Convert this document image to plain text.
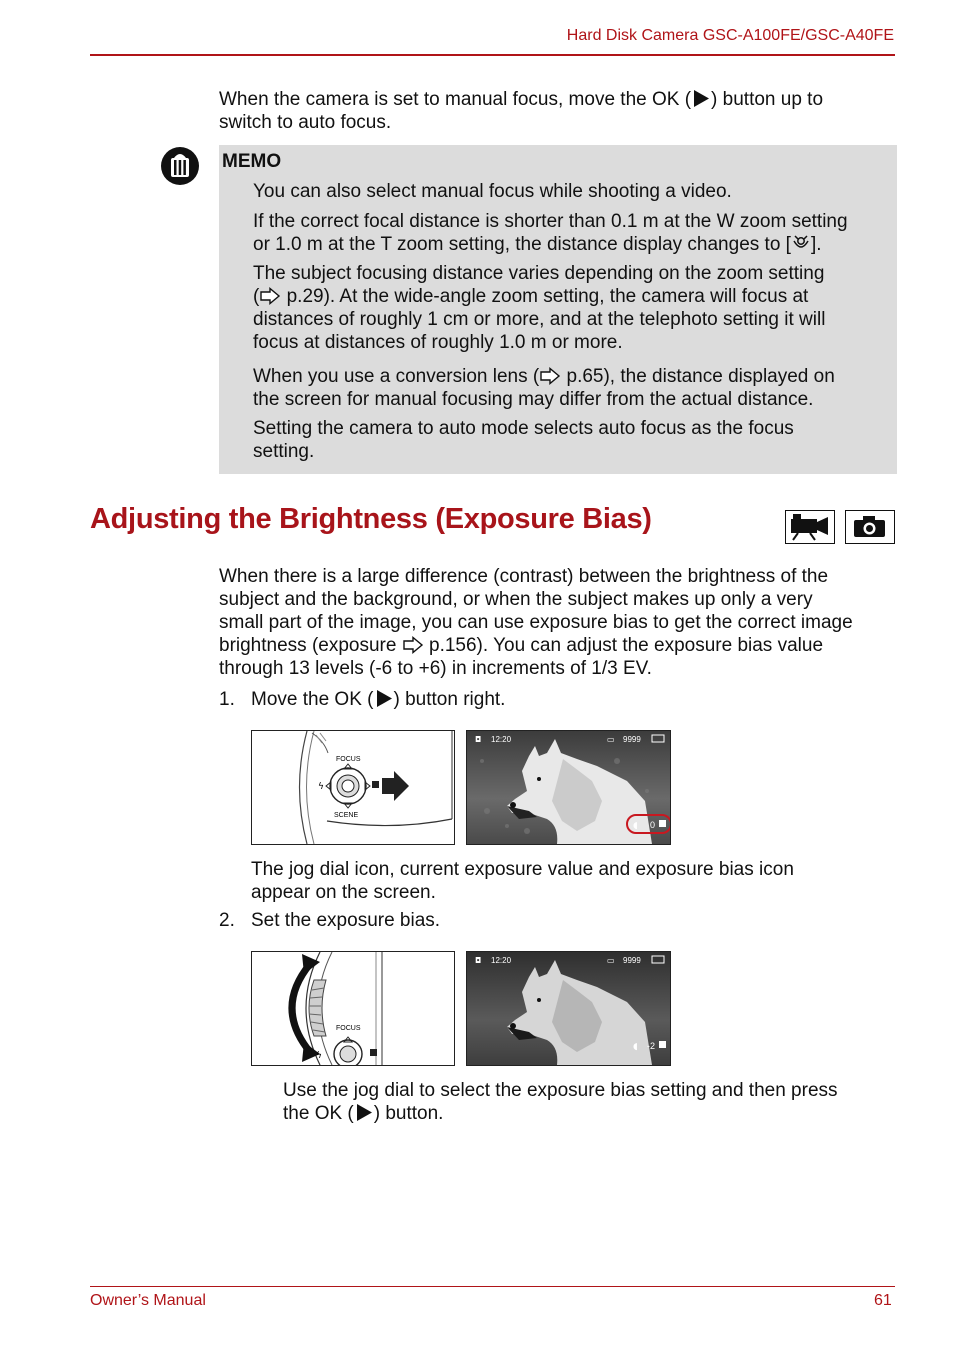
Hard Disk Camera GSC-A100FE/GSC-A40FE
When the camera is set to manual focus, move the OK ( ) button up to
switch to auto focus.
MEMO
You can also select manual focus while shooting a video.
If the correct focal distance is shorter than 0.1 m at the W zoom setting
or 1.0 m at the T zoom setting, the distance display changes to [ ].
The subject focusing distance varies depending on the zoom setting
(
p.29). At the wide-angle zoom setting, the camera will focus at
distances of roughly 1 cm or more, and at the telephoto setting it will
focus at distances of roughly 1.0 m or more.
When you use a conversion lens (
p.65), the distance displayed on
the screen for manual focusing may differ from the actual distance.
Setting the camera to auto mode selects auto focus as the focus
setting.
Adjusting the Brightness (Exposure Bias)
When there is a large difference (contrast) between the brightness of the
subject and the background, or when the subject makes up only a very
small part of the image, you can use exposure bias to get the correct image
brightness (exposure
p.156). You can adjust the exposure bias value
through 13 levels (-6 to +6) in increments of 1/3 EV.
1. Move the OK ( ) button right.
ϟ
FOCUS
SCENE
◘ 12:20	▭ 9999
◖ 0
The jog dial icon, current exposure value and exposure bias icon
appear on the screen.
2. Set the exposure bias.
ϟ
FOCUS
◘ 12:20	▭ 9999
◖ -2
Use the jog dial to select the exposure bias setting and then press
the OK ( ) button.
Owner’s Manual	61
